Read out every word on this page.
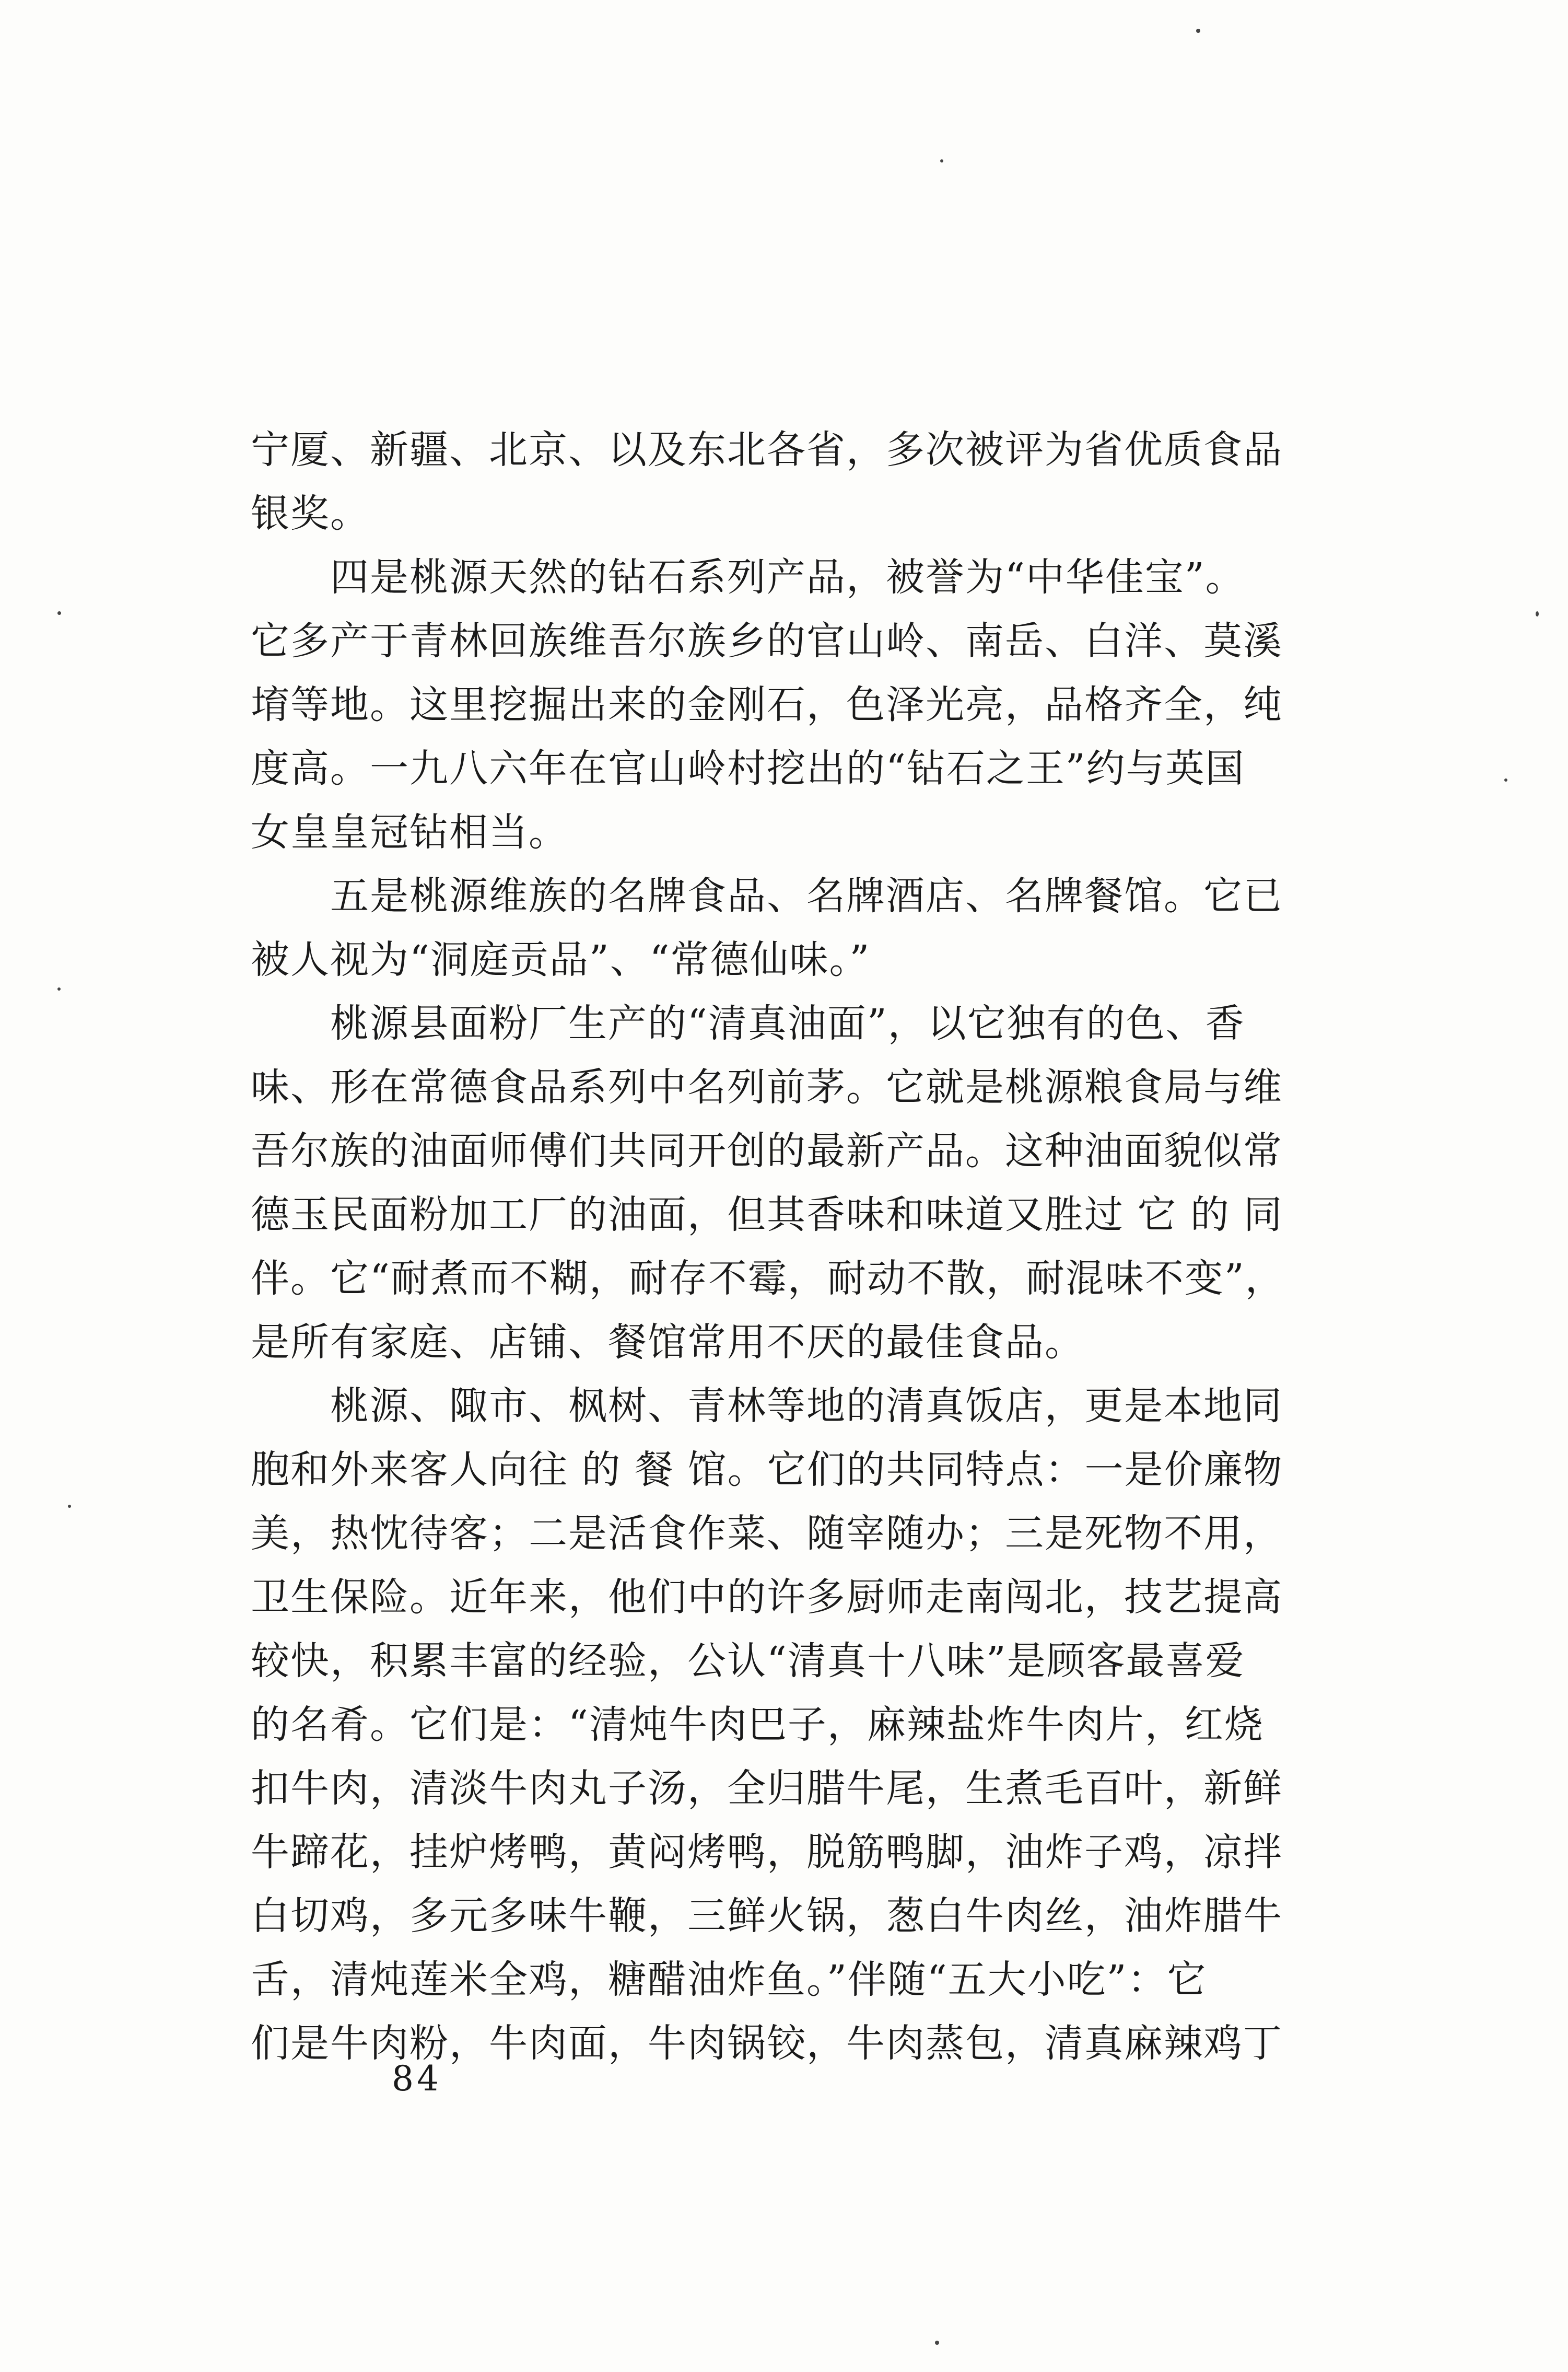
宁厦、新疆、北京、以及东北各省，多次被评为省优质食品
银奖。

四是桃源天然的钻石系列产品，被誉为“中华佳宝”。
它多产于青林回族维吾尔族乡的官山岭、南岳、白洋、莫溪
堉等地。这里挖掘出来的金刚石，色泽光亮，品格齐全，纯
度高。一九八六年在官山岭村挖出的“钻石之王”约与英国
女皇皇冠钻相当。

五是桃源维族的名牌食品、名牌酒店、名牌餐馆。它已
被人视为“洞庭贡品”、“常德仙味。”

桃源县面粉厂生产的“清真油面”，以它独有的色、香
味、形在常德食品系列中名列前茅。它就是桃源粮食局与维
吾尔族的油面师傅们共同开创的最新产品。这种油面貌似常
德玉民面粉加工厂的油面，但其香味和味道又胜过 它 的 同
伴。它“耐煮而不糊，耐存不霉，耐动不散，耐混味不变”，
是所有家庭、店铺、餐馆常用不厌的最佳食品。

桃源、陬市、枫树、青林等地的清真饭店，更是本地同
胞和外来客人向往 的 餐 馆。它们的共同特点：一是价廉物
美，热忱待客；二是活食作菜、随宰随办；三是死物不用，
卫生保险。近年来，他们中的许多厨师走南闯北，技艺提高
较快，积累丰富的经验，公认“清真十八味”是顾客最喜爱
的名肴。它们是：“清炖牛肉巴子，麻辣盐炸牛肉片，红烧
扣牛肉，清淡牛肉丸子汤，全归腊牛尾，生煮毛百叶，新鲜
牛蹄花，挂炉烤鸭，黄闷烤鸭，脱筋鸭脚，油炸子鸡，凉拌
白切鸡，多元多味牛鞭，三鲜火锅，葱白牛肉丝，油炸腊牛
舌，清炖莲米全鸡，糖醋油炸鱼。”伴随“五大小吃”：它
们是牛肉粉，牛肉面，牛肉锅铰，牛肉蒸包，清真麻辣鸡丁

84
